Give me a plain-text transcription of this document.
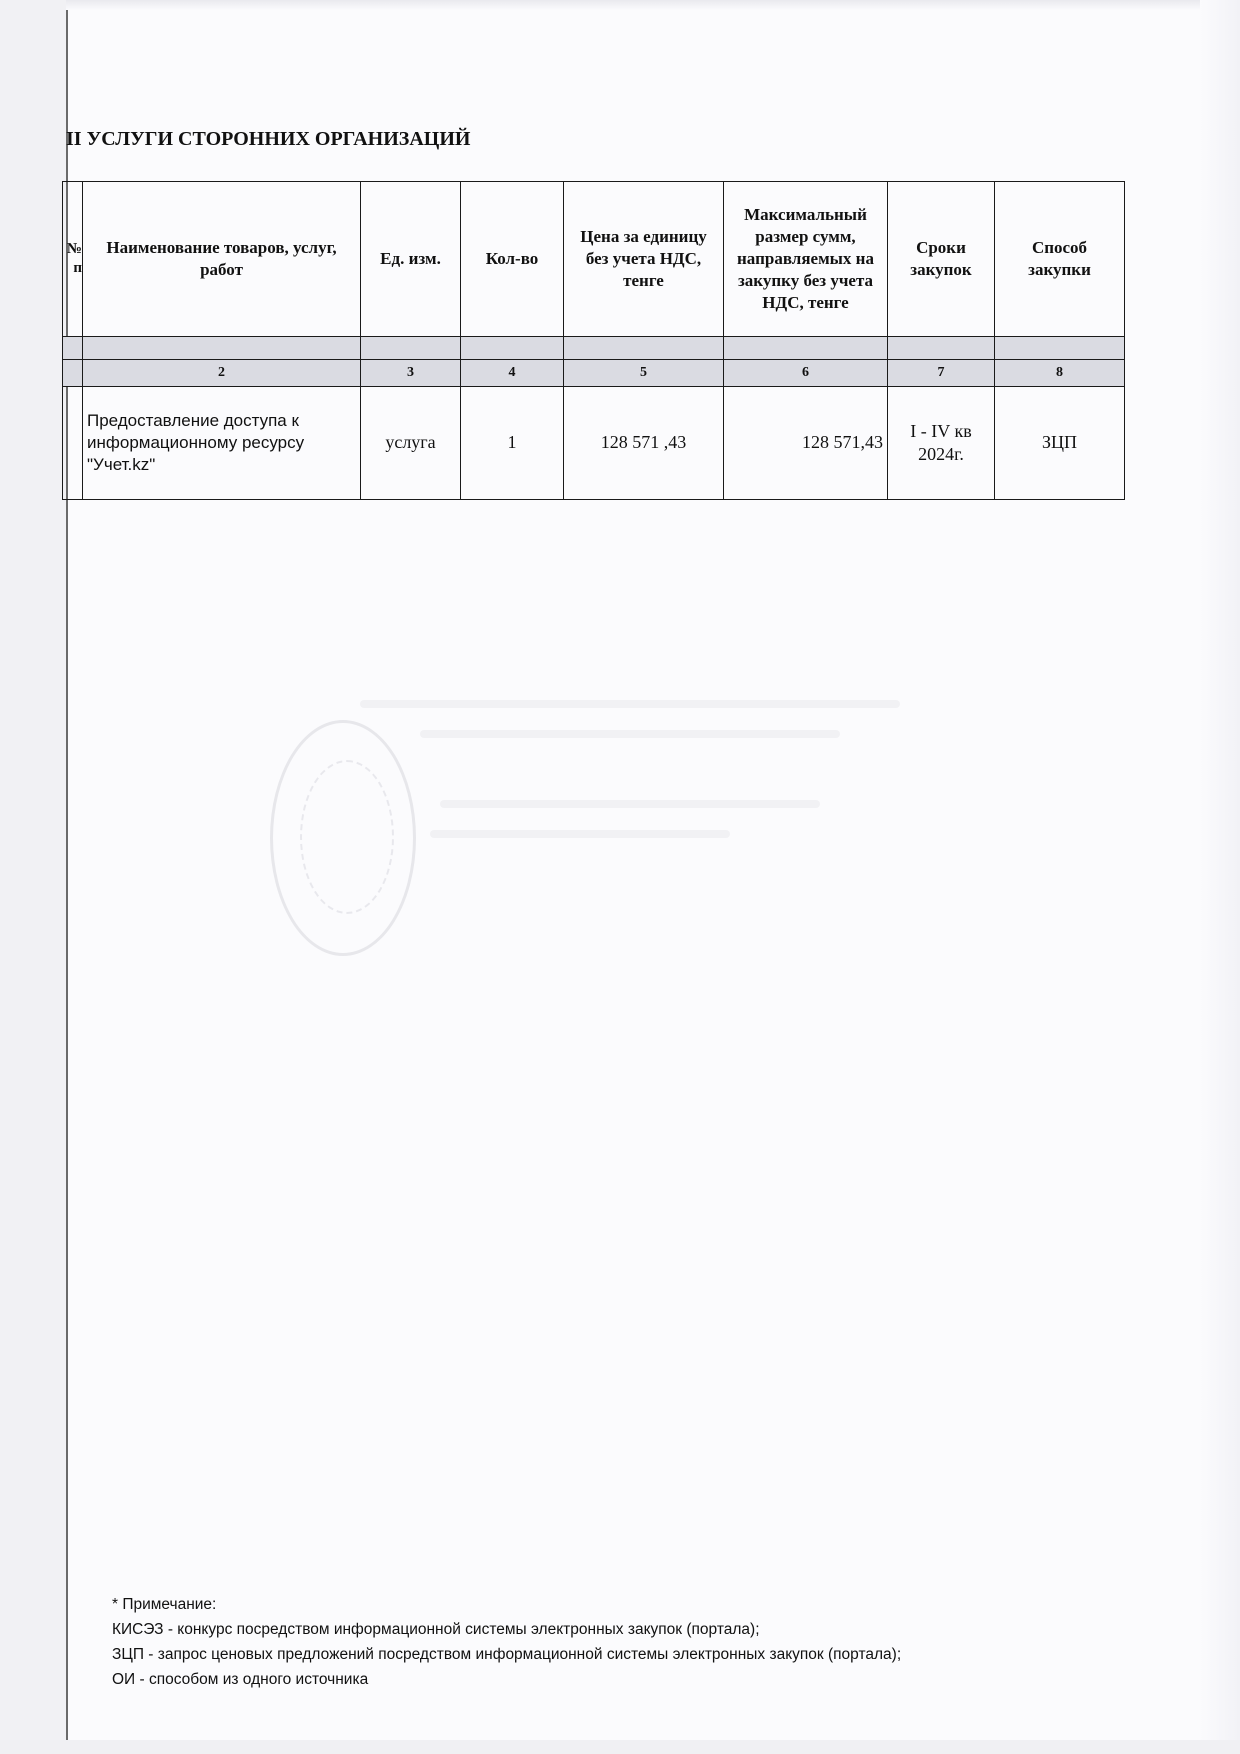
II УСЛУГИ СТОРОННИХ ОРГАНИЗАЦИЙ
№ п	Наименование товаров, услуг, работ	Ед. изм.	Кол-во	Цена за единицу без учета НДС, тенге	Максимальный размер сумм, направляемых на закупку без учета НДС, тенге	Сроки закупок	Способ закупки

	2	3	4	5	6	7	8
	Предоставление доступа к информационному ресурсу "Учет.kz"	услуга	1	128 571 ,43	128 571,43	I - IV кв 2024г.	ЗЦП
* Примечание:
КИСЭЗ - конкурс посредством информационной системы электронных закупок (портала);
ЗЦП - запрос ценовых предложений посредством информационной системы электронных закупок (портала);
ОИ - способом из одного источника
